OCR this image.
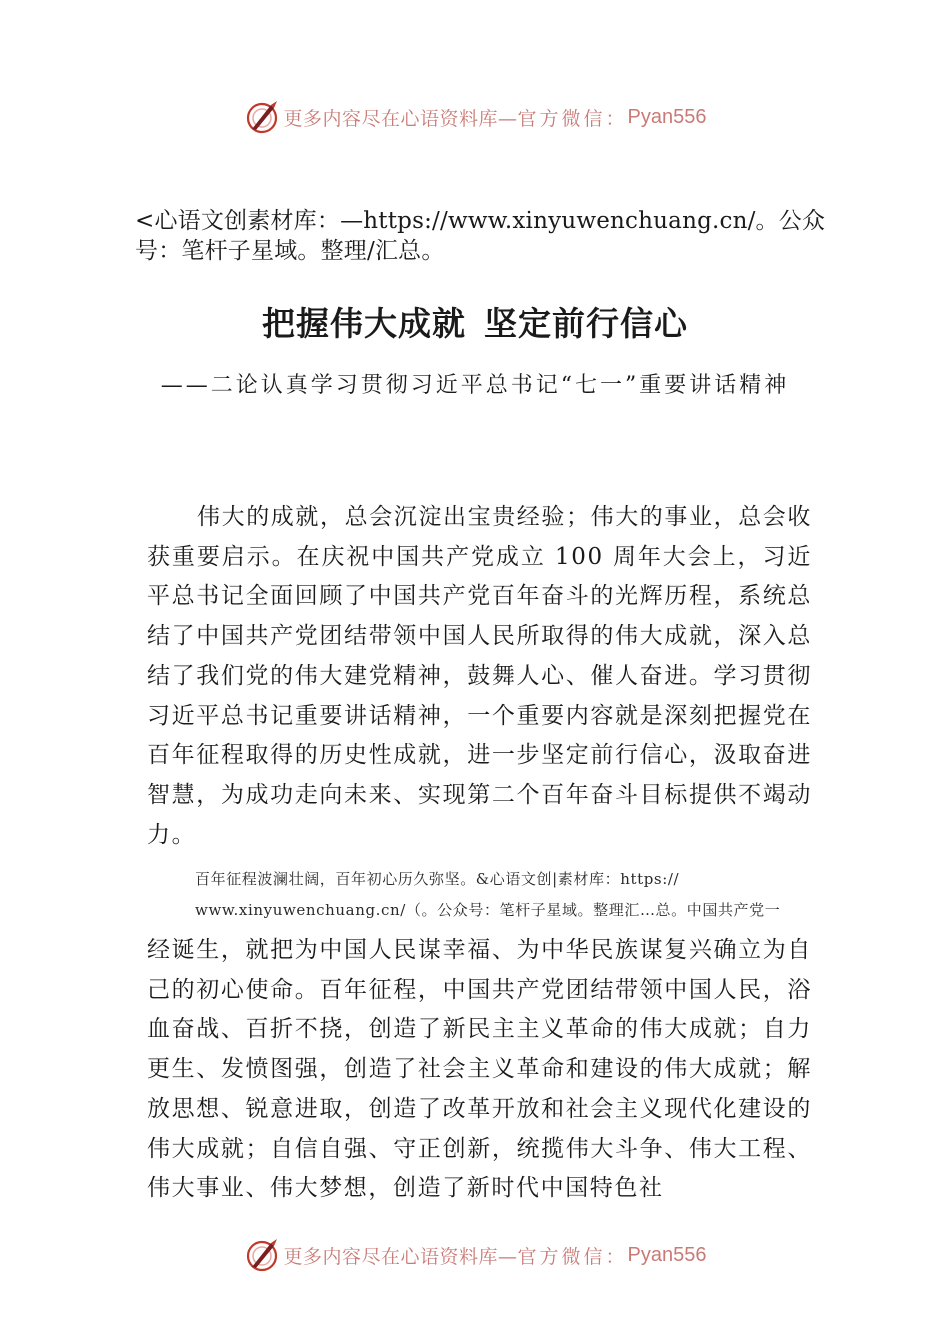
更多内容尽在心语资料库— 官方微信： Pyan556
<心语文创素材库：—https://www.xinyuwenchuang.cn/。公众号：笔杆子星域。整理/汇总。
把握伟大成就 坚定前行信心
——二论认真学习贯彻习近平总书记“七一”重要讲话精神

伟大的成就，总会沉淀出宝贵经验；伟大的事业，总会收获重要启示。在庆祝中国共产党成立 100 周年大会上，习近平总书记全面回顾了中国共产党百年奋斗的光辉历程，系统总结了中国共产党团结带领中国人民所取得的伟大成就，深入总结了我们党的伟大建党精神，鼓舞人心、催人奋进。学习贯彻习近平总书记重要讲话精神，一个重要内容就是深刻把握党在百年征程取得的历史性成就，进一步坚定前行信心，汲取奋进智慧，为成功走向未来、实现第二个百年奋斗目标提供不竭动力。

百年征程波澜壮阔，百年初心历久弥坚。&心语文创|素材库：https://
www.xinyuwenchuang.cn/（。公众号：笔杆子星域。整理汇…总。中国共产党一

经诞生，就把为中国人民谋幸福、为中华民族谋复兴确立为自己的初心使命。百年征程，中国共产党团结带领中国人民，浴血奋战、百折不挠，创造了新民主主义革命的伟大成就；自力更生、发愤图强，创造了社会主义革命和建设的伟大成就；解放思想、锐意进取，创造了改革开放和社会主义现代化建设的伟大成就；自信自强、守正创新，统揽伟大斗争、伟大工程、伟大事业、伟大梦想，创造了新时代中国特色社

更多内容尽在心语资料库— 官方微信： Pyan556
